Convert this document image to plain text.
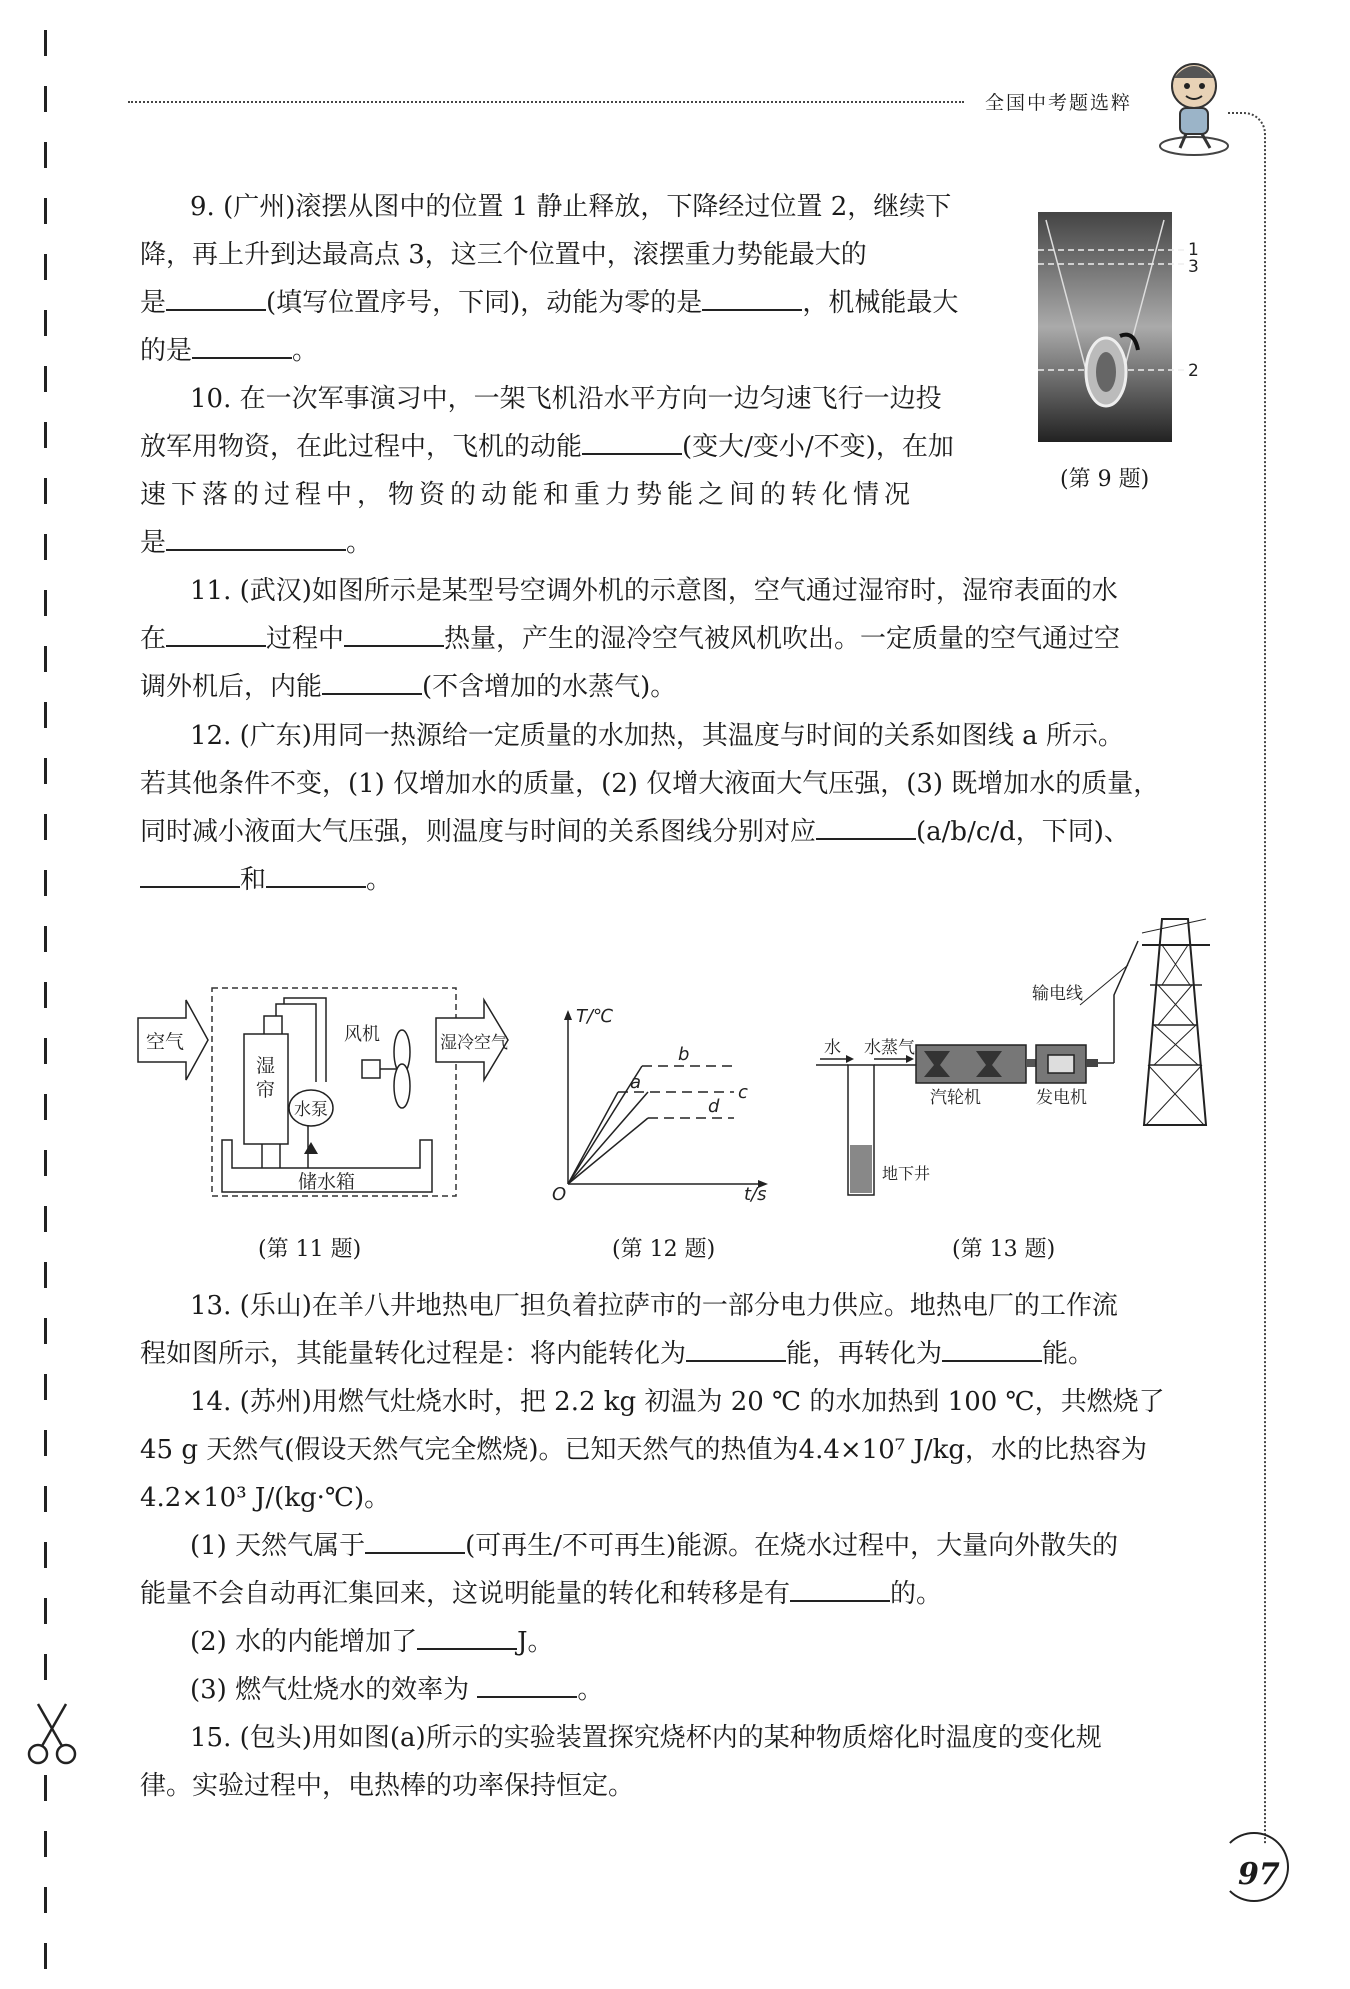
全国中考题选粹
9. (广州)滚摆从图中的位置 1 静止释放，下降经过位置 2，继续下
降，再上升到达最高点 3，这三个位置中，滚摆重力势能最大的
是	(填写位置序号，下同)，动能为零的是	，机械能最大
的是	。
1
3
2
(第 9 题)
10. 在一次军事演习中，一架飞机沿水平方向一边匀速飞行一边投
放军用物资，在此过程中，飞机的动能	(变大/变小/不变)，在加
速下落的过程中，物资的动能和重力势能之间的转化情况
是	。
11. (武汉)如图所示是某型号空调外机的示意图，空气通过湿帘时，湿帘表面的水
在	过程中	热量，产生的湿冷空气被风机吹出。一定质量的空气通过空
调外机后，内能	(不含增加的水蒸气)。
12. (广东)用同一热源给一定质量的水加热，其温度与时间的关系如图线 a 所示。
若其他条件不变，(1) 仅增加水的质量，(2) 仅增大液面大气压强，(3) 既增加水的质量，
同时减小液面大气压强，则温度与时间的关系图线分别对应	(a/b/c/d，下同)、
和	。
空气
湿帘
水泵
储水箱
风机	湿冷空气
(第 11 题)
T/℃
t/s
O
b
a	c
d
(第 12 题)
输电线
水 水蒸气
地下井
汽轮机	发电机
(第 13 题)
13. (乐山)在羊八井地热电厂担负着拉萨市的一部分电力供应。地热电厂的工作流
程如图所示，其能量转化过程是：将内能转化为	能，再转化为	能。
14. (苏州)用燃气灶烧水时，把 2.2 kg 初温为 20 ℃ 的水加热到 100 ℃，共燃烧了
45 g 天然气(假设天然气完全燃烧)。已知天然气的热值为4.4×10⁷ J/kg，水的比热容为
4.2×10³ J/(kg·℃)。
(1) 天然气属于	(可再生/不可再生)能源。在烧水过程中，大量向外散失的
能量不会自动再汇集回来，这说明能量的转化和转移是有	的。
(2) 水的内能增加了	J。
(3) 燃气灶烧水的效率为	。
15. (包头)用如图(a)所示的实验装置探究烧杯内的某种物质熔化时温度的变化规
律。实验过程中，电热棒的功率保持恒定。
97
